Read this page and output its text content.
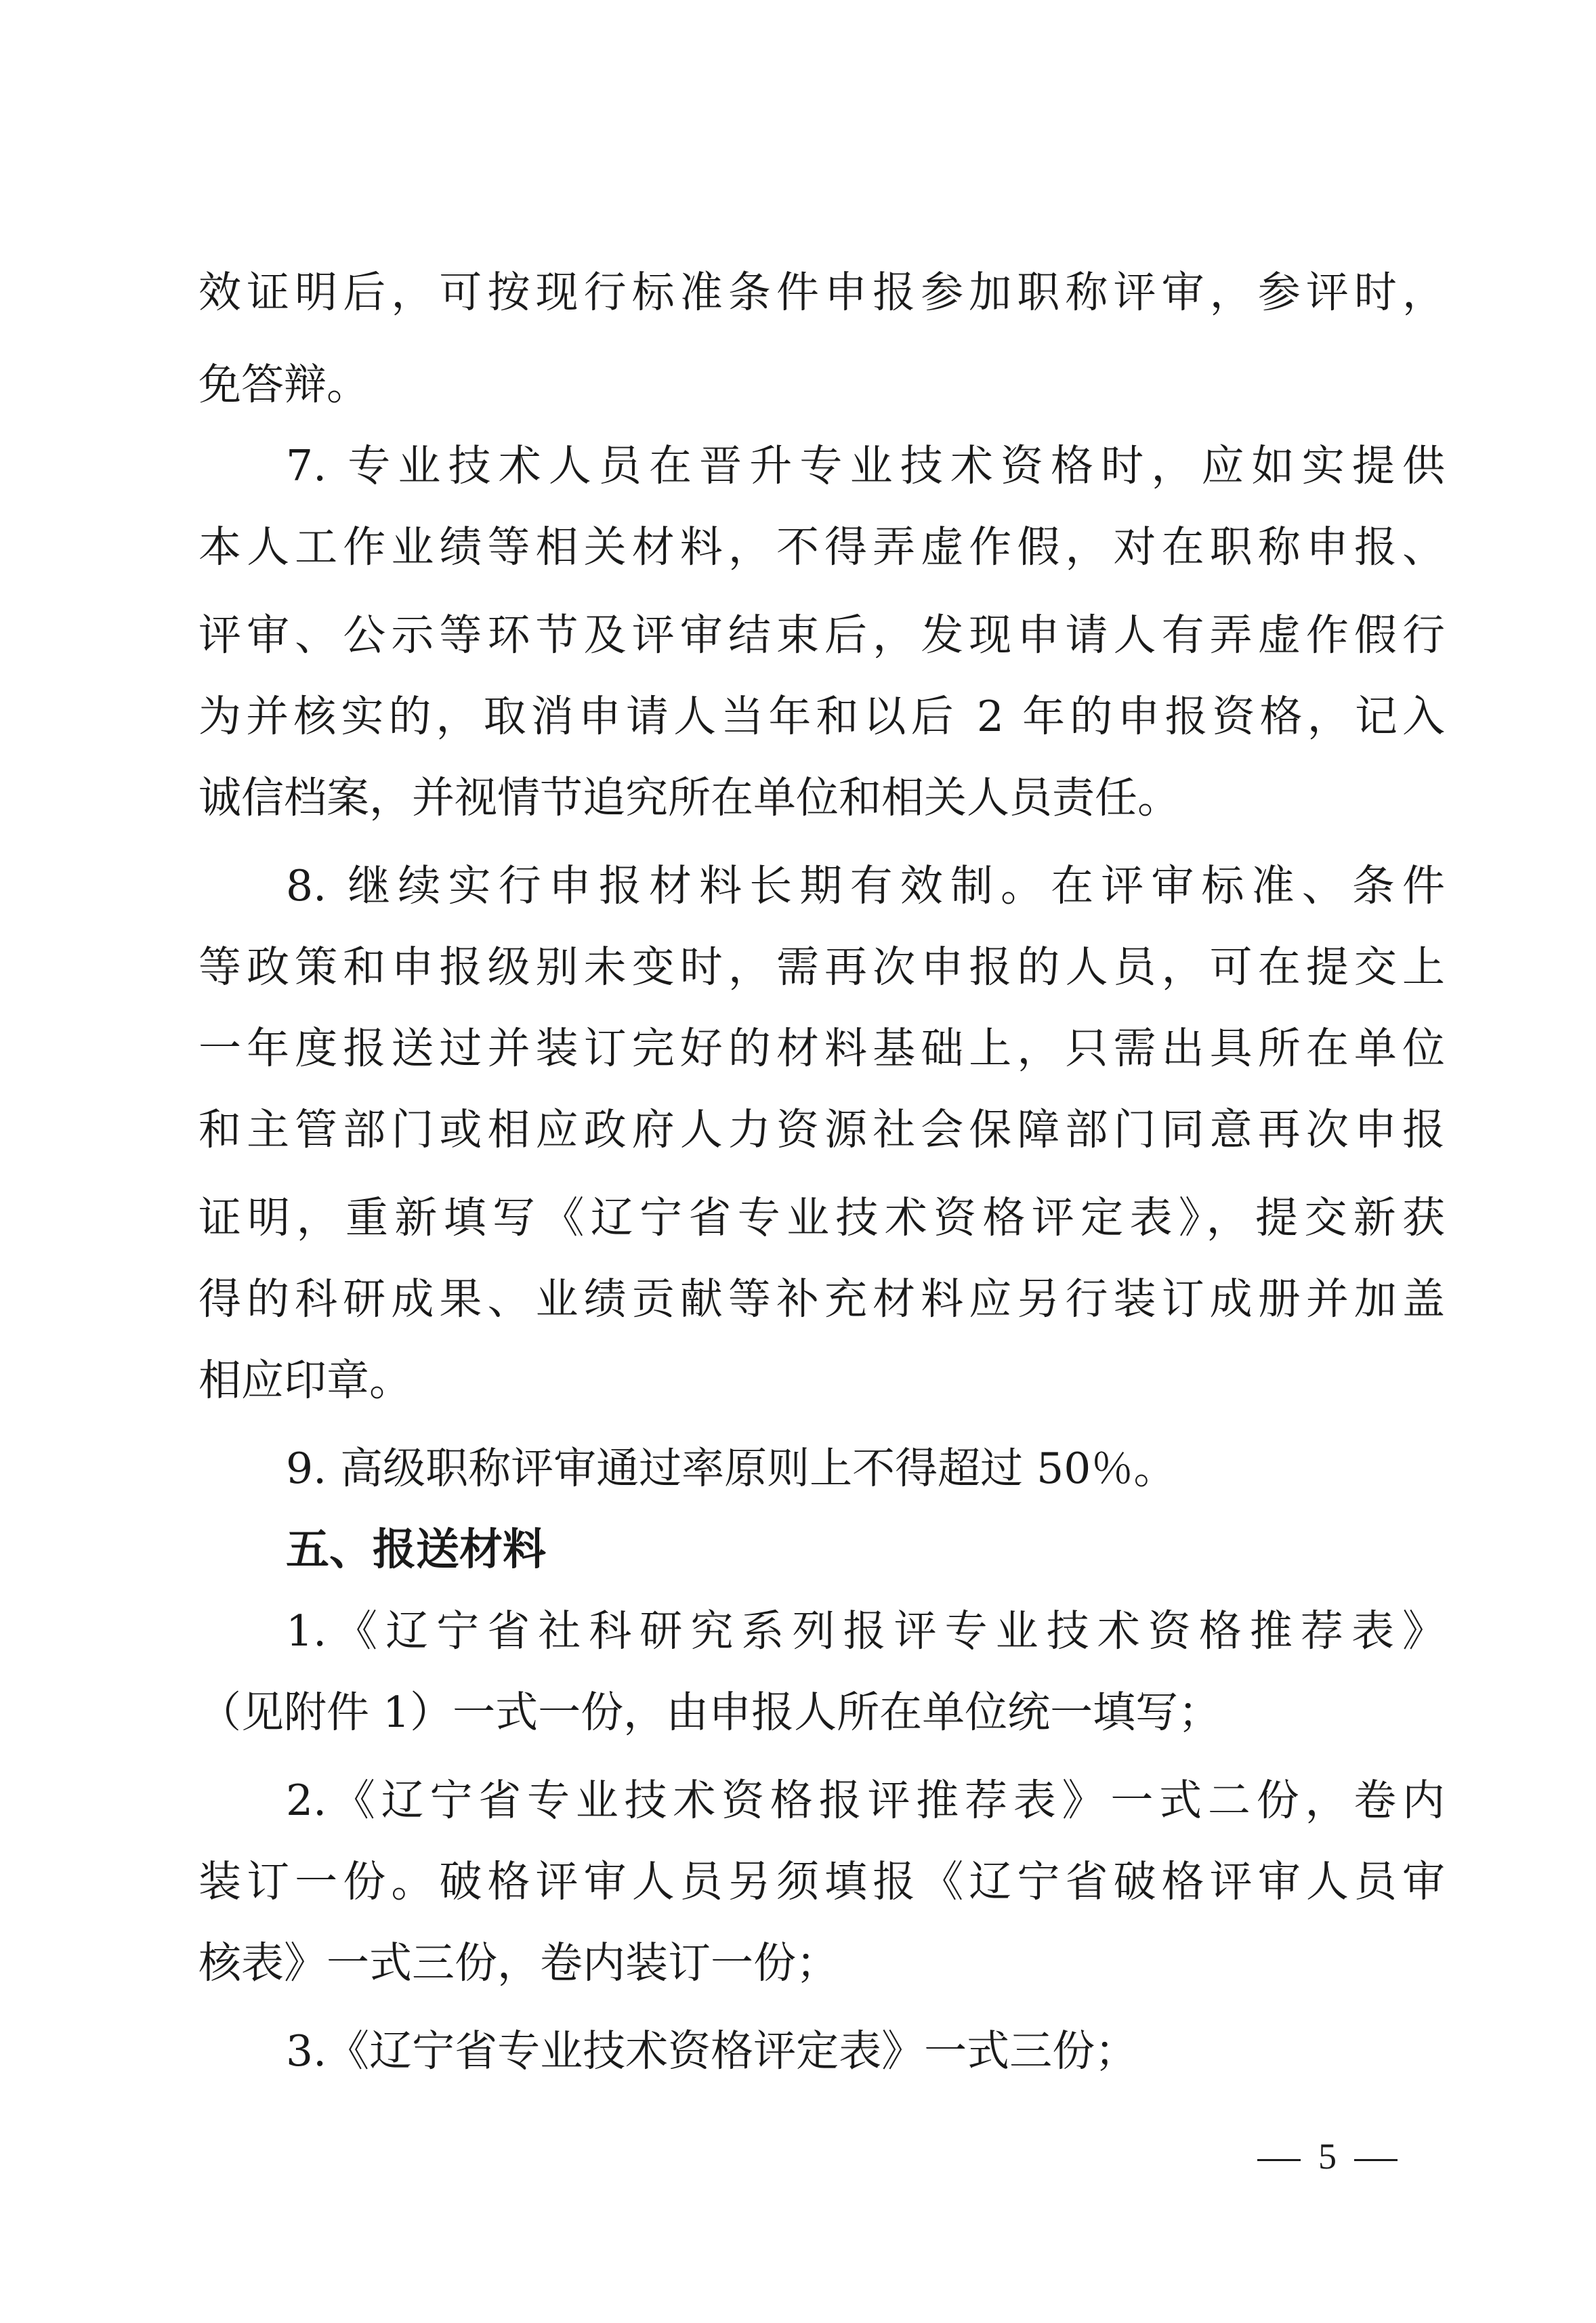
效证明后，可按现行标准条件申报参加职称评审，参评时，
免答辩。
7. 专业技术人员在晋升专业技术资格时，应如实提供
本人工作业绩等相关材料，不得弄虚作假，对在职称申报、
评审、公示等环节及评审结束后，发现申请人有弄虚作假行
为并核实的，取消申请人当年和以后 2 年的申报资格，记入
诚信档案，并视情节追究所在单位和相关人员责任。
8. 继续实行申报材料长期有效制。在评审标准、条件
等政策和申报级别未变时，需再次申报的人员，可在提交上
一年度报送过并装订完好的材料基础上，只需出具所在单位
和主管部门或相应政府人力资源社会保障部门同意再次申报
证明，重新填写《辽宁省专业技术资格评定表》，提交新获
得的科研成果、业绩贡献等补充材料应另行装订成册并加盖
相应印章。
9. 高级职称评审通过率原则上不得超过 50％。
五、报送材料
1.《辽宁省社科研究系列报评专业技术资格推荐表》
（见附件 1）一式一份，由申报人所在单位统一填写；
2.《辽宁省专业技术资格报评推荐表》一式二份，卷内
装订一份。破格评审人员另须填报《辽宁省破格评审人员审
核表》一式三份，卷内装订一份；
3.《辽宁省专业技术资格评定表》一式三份；
5
